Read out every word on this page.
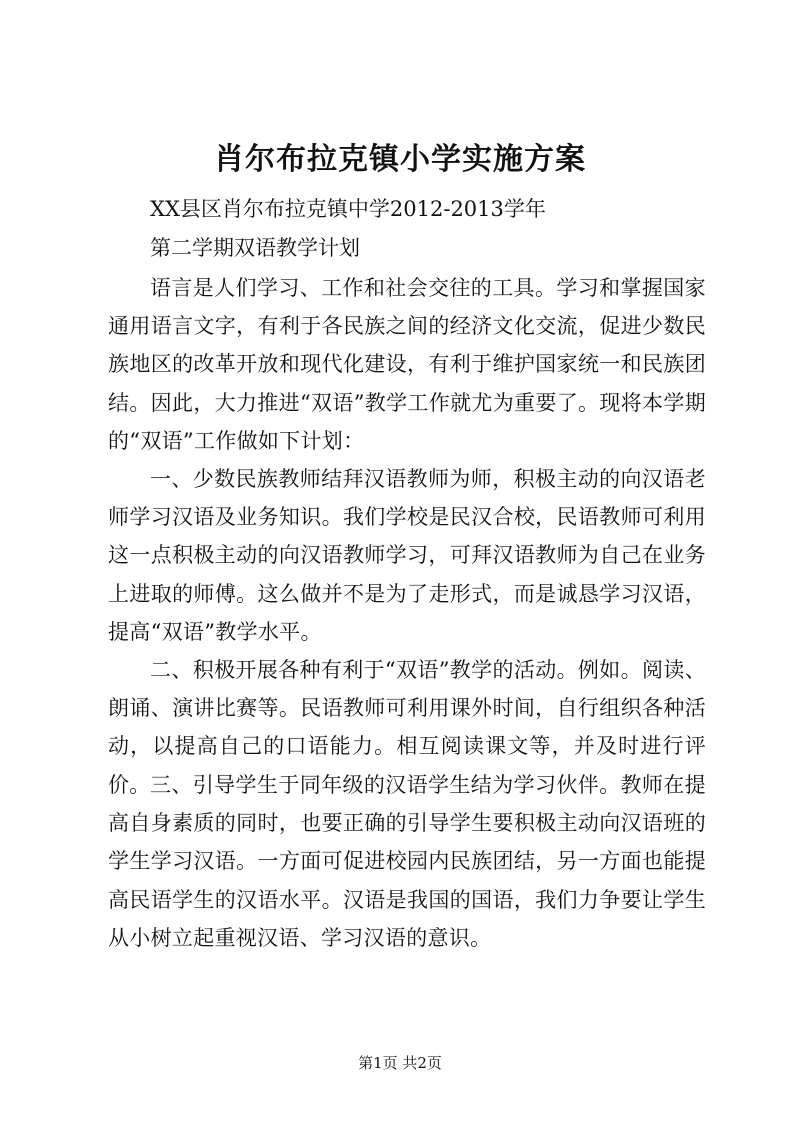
肖尔布拉克镇小学实施方案

XX县区肖尔布拉克镇中学2012-2013学年

第二学期双语教学计划

语言是人们学习、工作和社会交往的工具。学习和掌握国家通用语言文字，有利于各民族之间的经济文化交流，促进少数民族地区的改革开放和现代化建设，有利于维护国家统一和民族团结。因此，大力推进“双语”教学工作就尤为重要了。现将本学期的“双语”工作做如下计划：

一、少数民族教师结拜汉语教师为师，积极主动的向汉语老师学习汉语及业务知识。我们学校是民汉合校，民语教师可利用这一点积极主动的向汉语教师学习，可拜汉语教师为自己在业务上进取的师傅。这么做并不是为了走形式，而是诚恳学习汉语，提高“双语”教学水平。

二、积极开展各种有利于“双语”教学的活动。例如。阅读、朗诵、演讲比赛等。民语教师可利用课外时间，自行组织各种活动，以提高自己的口语能力。相互阅读课文等，并及时进行评价。 三、引导学生于同年级的汉语学生结为学习伙伴。教师在提高自身素质的同时，也要正确的引导学生要积极主动向汉语班的学生学习汉语。一方面可促进校园内民族团结，另一方面也能提高民语学生的汉语水平。汉语是我国的国语，我们力争要让学生从小树立起重视汉语、学习汉语的意识。

第1页 共2页
